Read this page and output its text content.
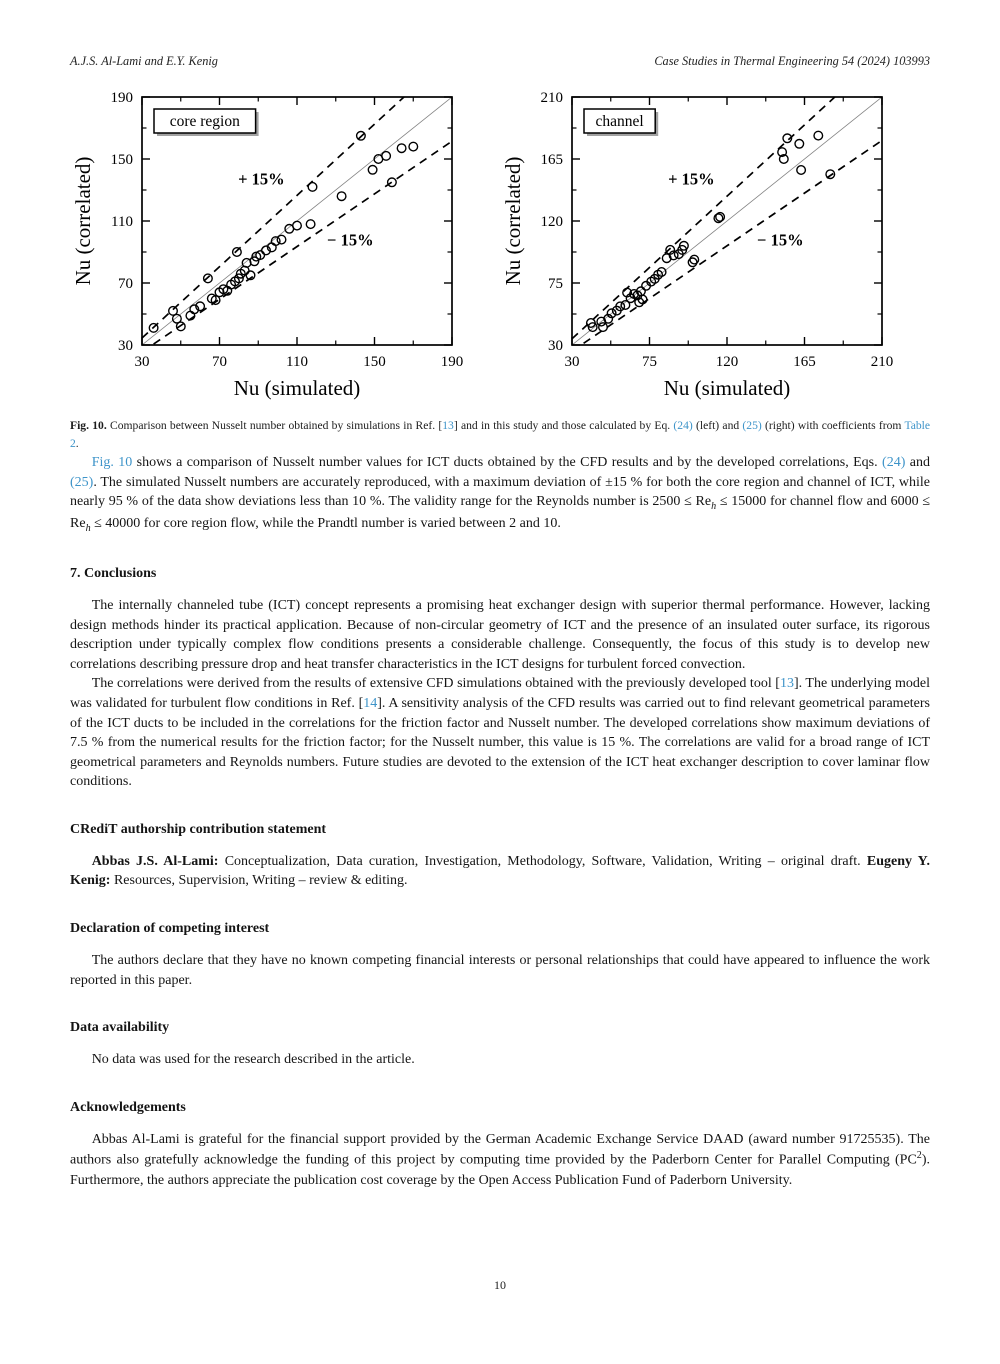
A.J.S. Al-Lami and E.Y. Kenig	Case Studies in Thermal Engineering 54 (2024) 103993
30
30
70
70
110
110
150
150
190
190
+ 15%
− 15%
core region
Nu (simulated)
Nu (correlated)
30
30
75
75
120
120
165
165
210
210
+ 15%
− 15%
channel
Nu (simulated)
Nu (correlated)
Fig. 10. Comparison between Nusselt number obtained by simulations in Ref. [13] and in this study and those calculated by Eq. (24) (left) and (25) (right) with coefficients from Table 2.

Fig. 10 shows a comparison of Nusselt number values for ICT ducts obtained by the CFD results and by the developed correlations, Eqs. (24) and (25). The simulated Nusselt numbers are accurately reproduced, with a maximum deviation of ±15 % for both the core region and channel of ICT, while nearly 95 % of the data show deviations less than 10 %. The validity range for the Reynolds number is $2500 \le Re_h \le 15000$ for channel flow and $6000 \le Re_h \le 40000$ for core region flow, while the Prandtl number is varied between 2 and 10.

7. Conclusions

The internally channeled tube (ICT) concept represents a promising heat exchanger design with superior thermal performance. However, lacking design methods hinder its practical application. Because of non-circular geometry of ICT and the presence of an insulated outer surface, its rigorous description under typically complex flow conditions presents a considerable challenge. Consequently, the focus of this study is to develop new correlations describing pressure drop and heat transfer characteristics in the ICT designs for turbulent forced convection.

The correlations were derived from the results of extensive CFD simulations obtained with the previously developed tool [13]. The underlying model was validated for turbulent flow conditions in Ref. [14]. A sensitivity analysis of the CFD results was carried out to find relevant geometrical parameters of the ICT ducts to be included in the correlations for the friction factor and Nusselt number. The developed correlations show maximum deviations of 7.5 % from the numerical results for the friction factor; for the Nusselt number, this value is 15 %. The correlations are valid for a broad range of ICT geometrical parameters and Reynolds numbers. Future studies are devoted to the extension of the ICT heat exchanger description to cover laminar flow conditions.

CRediT authorship contribution statement

Abbas J.S. Al-Lami: Conceptualization, Data curation, Investigation, Methodology, Software, Validation, Writing – original draft. Eugeny Y. Kenig: Resources, Supervision, Writing – review & editing.

Declaration of competing interest

The authors declare that they have no known competing financial interests or personal relationships that could have appeared to influence the work reported in this paper.

Data availability

No data was used for the research described in the article.

Acknowledgements

Abbas Al-Lami is grateful for the financial support provided by the German Academic Exchange Service DAAD (award number 91725535). The authors also gratefully acknowledge the funding of this project by computing time provided by the Paderborn Center for Parallel Computing $(PC^2)$. Furthermore, the authors appreciate the publication cost coverage by the Open Access Publication Fund of Paderborn University.

10
